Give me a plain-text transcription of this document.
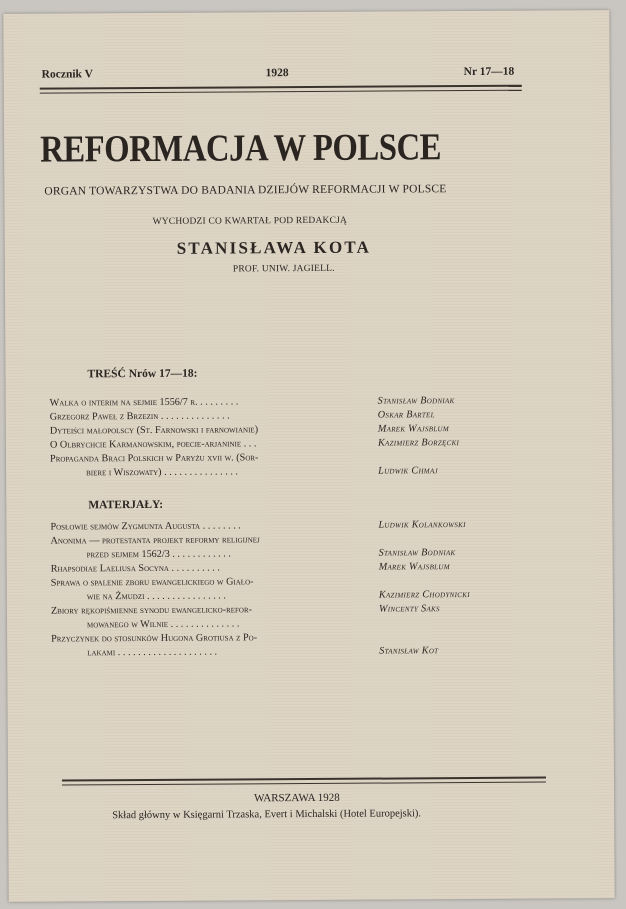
Rocznik V	1928	Nr 17—18
REFORMACJA W POLSCE
ORGAN TOWARZYSTWA DO BADANIA DZIEJÓW REFORMACJI W POLSCE
WYCHODZI CO KWARTAŁ POD REDAKCJĄ
STANISŁAWA KOTA
PROF. UNIW. JAGIELL.
TREŚĆ Nrów 17—18:
Walka o interim na sejmie 1556/7 r. . . . . . . . .	Stanisław Bodniak
Grzegorz Paweł z Brzezin . . . . . . . . . . . . . .	Oskar Bartel
Dyteiści małopolscy (St. Farnowski i farnowianie)	Marek Wajsblum
O Olbrychcie Karmanowskim, poecie-arjaninie . . .	Kazimierz Borzęcki
Propaganda Braci Polskich w Paryżu xvii w. (Sor-
biere i Wiszowaty) . . . . . . . . . . . . . . .	Ludwik Chmaj
MATERJAŁY:
Posłowie sejmów Zygmunta Augusta . . . . . . . .	Ludwik Kolankowski
Anonima — protestanta projekt reformy religijnej
przed sejmem 1562/3 . . . . . . . . . . . .	Stanisław Bodniak
Rhapsodiae Laeliusa Socyna . . . . . . . . . .	Marek Wajsblum
Sprawa o spalenie zboru ewangelickiego w Giało-
wie na Żmudzi . . . . . . . . . . . . . . . .	Kazimierz Chodynicki
Zbiory rękopiśmienne synodu ewangelicko-refor-	Wincenty Saks
mowanego w Wilnie . . . . . . . . . . . . . .
Przyczynek do stosunków Hugona Grotiusa z Po-
lakami . . . . . . . . . . . . . . . . . . . .	Stanisław Kot
WARSZAWA 1928
Skład główny w Księgarni Trzaska, Evert i Michalski (Hotel Europejski).
